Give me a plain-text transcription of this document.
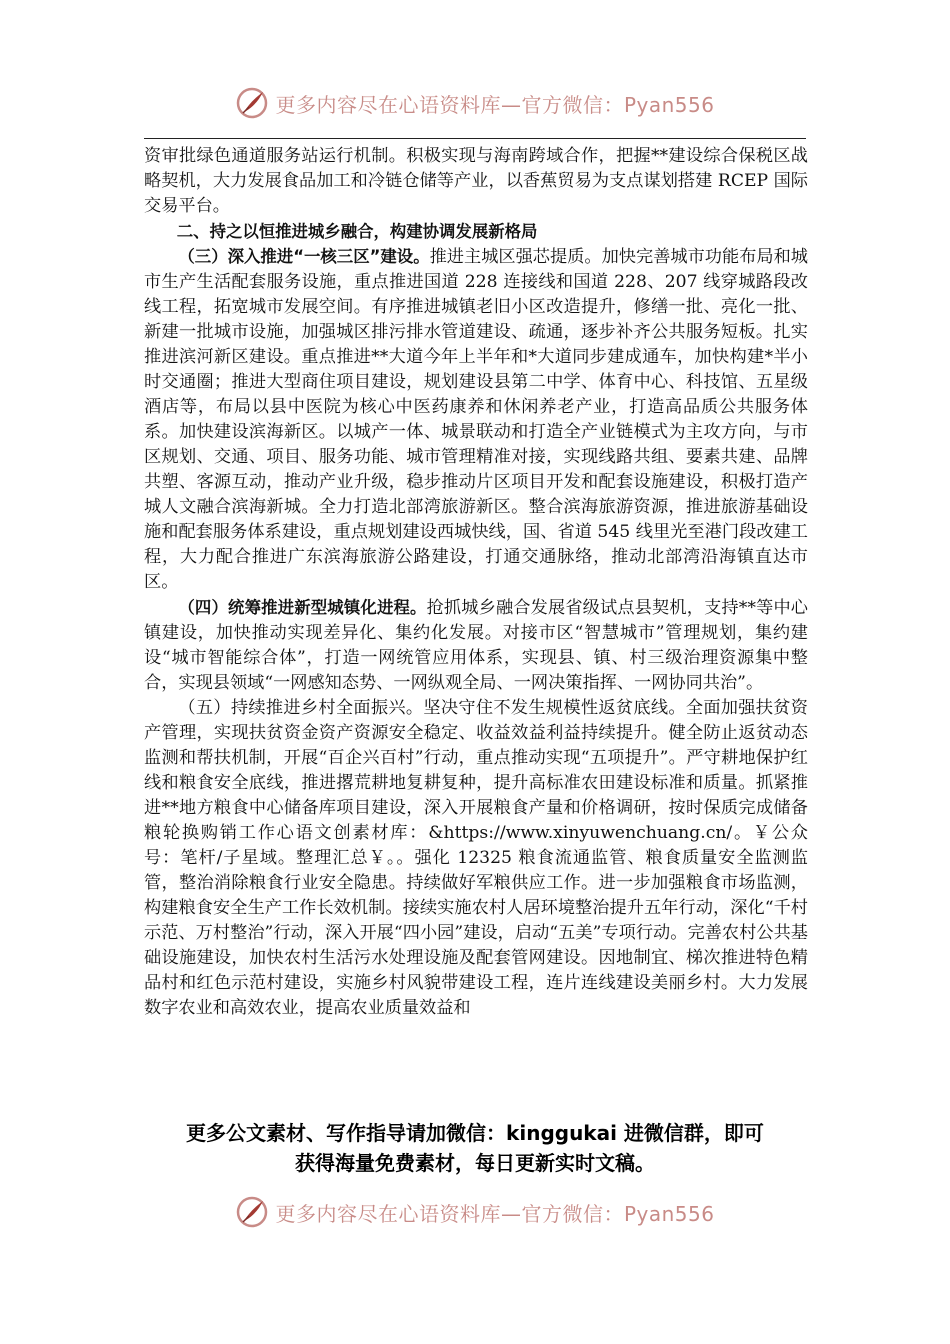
更多内容尽在心语资料库—官方微信：Pyan556

资审批绿色通道服务站运行机制。积极实现与海南跨域合作，把握**建设综合保税区战略契机，大力发展食品加工和冷链仓储等产业，以香蕉贸易为支点谋划搭建 RCEP 国际交易平台。

二、持之以恒推进城乡融合，构建协调发展新格局

（三）深入推进“一核三区”建设。推进主城区强芯提质。加快完善城市功能布局和城市生产生活配套服务设施，重点推进国道 228 连接线和国道 228、207 线穿城路段改线工程，拓宽城市发展空间。有序推进城镇老旧小区改造提升，修缮一批、亮化一批、新建一批城市设施，加强城区排污排水管道建设、疏通，逐步补齐公共服务短板。扎实推进滨河新区建设。重点推进**大道今年上半年和*大道同步建成通车，加快构建*半小时交通圈；推进大型商住项目建设，规划建设县第二中学、体育中心、科技馆、五星级酒店等，布局以县中医院为核心中医药康养和休闲养老产业，打造高品质公共服务体系。加快建设滨海新区。以城产一体、城景联动和打造全产业链模式为主攻方向，与市区规划、交通、项目、服务功能、城市管理精准对接，实现线路共组、要素共建、品牌共塑、客源互动，推动产业升级，稳步推动片区项目开发和配套设施建设，积极打造产城人文融合滨海新城。全力打造北部湾旅游新区。整合滨海旅游资源，推进旅游基础设施和配套服务体系建设，重点规划建设西城快线，国、省道 545 线里光至港门段改建工程，大力配合推进广东滨海旅游公路建设，打通交通脉络，推动北部湾沿海镇直达市区。

（四）统筹推进新型城镇化进程。抢抓城乡融合发展省级试点县契机，支持**等中心镇建设，加快推动实现差异化、集约化发展。对接市区“智慧城市”管理规划，集约建设“城市智能综合体”，打造一网统管应用体系，实现县、镇、村三级治理资源集中整合，实现县领域“一网感知态势、一网纵观全局、一网决策指挥、一网协同共治”。

（五）持续推进乡村全面振兴。坚决守住不发生规模性返贫底线。全面加强扶贫资产管理，实现扶贫资金资产资源安全稳定、收益效益利益持续提升。健全防止返贫动态监测和帮扶机制，开展“百企兴百村”行动，重点推动实现“五项提升”。严守耕地保护红线和粮食安全底线，推进撂荒耕地复耕复种，提升高标准农田建设标准和质量。抓紧推进**地方粮食中心储备库项目建设，深入开展粮食产量和价格调研，按时保质完成储备粮轮换购销工作心语文创素材库：&https://www.xinyuwenchuang.cn/。￥公众号：笔杆/子星域。整理汇总￥。。强化 12325 粮食流通监管、粮食质量安全监测监管，整治消除粮食行业安全隐患。持续做好军粮供应工作。进一步加强粮食市场监测，构建粮食安全生产工作长效机制。接续实施农村人居环境整治提升五年行动，深化“千村示范、万村整治”行动，深入开展“四小园”建设，启动“五美”专项行动。完善农村公共基础设施建设，加快农村生活污水处理设施及配套管网建设。因地制宜、梯次推进特色精品村和红色示范村建设，实施乡村风貌带建设工程，连片连线建设美丽乡村。大力发展数字农业和高效农业，提高农业质量效益和

更多公文素材、写作指导请加微信：kinggukai 进微信群，即可
获得海量免费素材，每日更新实时文稿。
更多内容尽在心语资料库—官方微信：Pyan556
